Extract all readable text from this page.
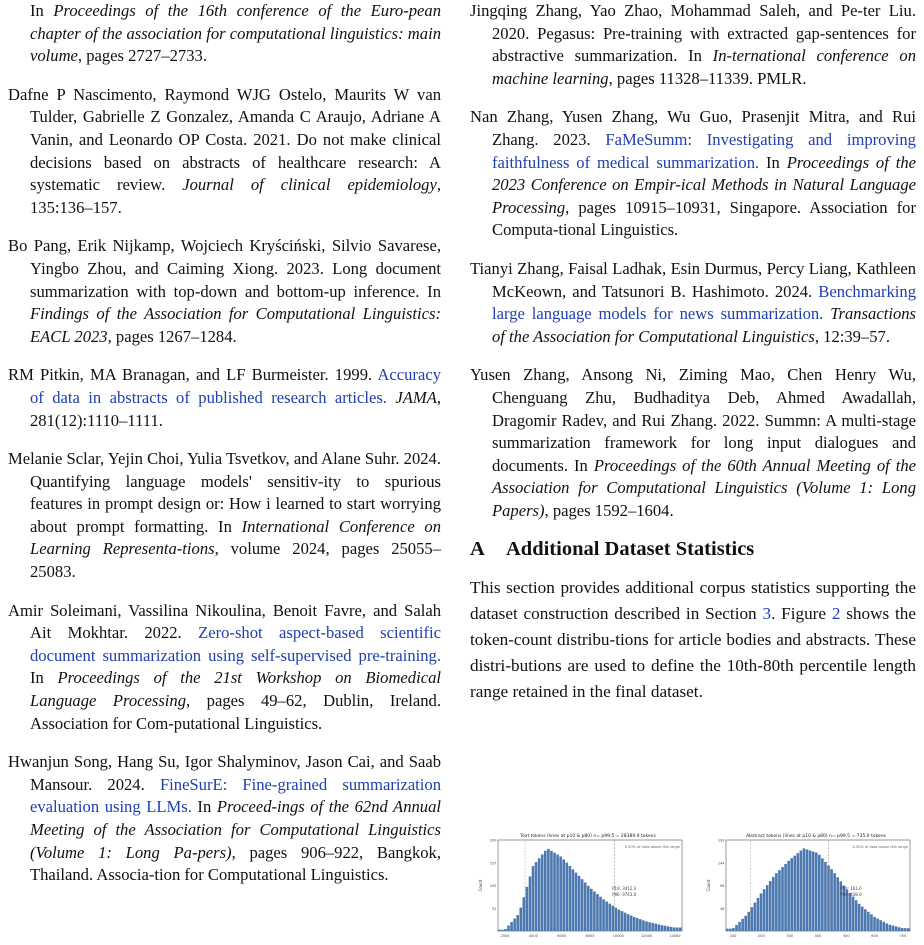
In Proceedings of the 16th conference of the Euro-pean chapter of the association for computational linguistics: main volume, pages 2727–2733.

Dafne P Nascimento, Raymond WJG Ostelo, Maurits W van Tulder, Gabrielle Z Gonzalez, Amanda C Araujo, Adriane A Vanin, and Leonardo OP Costa. 2021. Do not make clinical decisions based on abstracts of healthcare research: A systematic review. Journal of clinical epidemiology, 135:136–157.

Bo Pang, Erik Nijkamp, Wojciech Kryściński, Silvio Savarese, Yingbo Zhou, and Caiming Xiong. 2023. Long document summarization with top-down and bottom-up inference. In Findings of the Association for Computational Linguistics: EACL 2023, pages 1267–1284.

RM Pitkin, MA Branagan, and LF Burmeister. 1999. Accuracy of data in abstracts of published research articles. JAMA, 281(12):1110–1111.

Melanie Sclar, Yejin Choi, Yulia Tsvetkov, and Alane Suhr. 2024. Quantifying language models' sensitiv-ity to spurious features in prompt design or: How i learned to start worrying about prompt formatting. In International Conference on Learning Representa-tions, volume 2024, pages 25055–25083.

Amir Soleimani, Vassilina Nikoulina, Benoit Favre, and Salah Ait Mokhtar. 2022. Zero-shot aspect-based scientific document summarization using self-supervised pre-training. In Proceedings of the 21st Workshop on Biomedical Language Processing, pages 49–62, Dublin, Ireland. Association for Com-putational Linguistics.

Hwanjun Song, Hang Su, Igor Shalyminov, Jason Cai, and Saab Mansour. 2024. FineSurE: Fine-grained summarization evaluation using LLMs. In Proceed-ings of the 62nd Annual Meeting of the Association for Computational Linguistics (Volume 1: Long Pa-pers), pages 906–922, Bangkok, Thailand. Associa-tion for Computational Linguistics.

Jingqing Zhang, Yao Zhao, Mohammad Saleh, and Pe-ter Liu. 2020. Pegasus: Pre-training with extracted gap-sentences for abstractive summarization. In In-ternational conference on machine learning, pages 11328–11339. PMLR.

Nan Zhang, Yusen Zhang, Wu Guo, Prasenjit Mitra, and Rui Zhang. 2023. FaMeSumm: Investigating and improving faithfulness of medical summarization. In Proceedings of the 2023 Conference on Empir-ical Methods in Natural Language Processing, pages 10915–10931, Singapore. Association for Computa-tional Linguistics.

Tianyi Zhang, Faisal Ladhak, Esin Durmus, Percy Liang, Kathleen McKeown, and Tatsunori B. Hashimoto. 2024. Benchmarking large language models for news summarization. Transactions of the Association for Computational Linguistics, 12:39–57.

Yusen Zhang, Ansong Ni, Ziming Mao, Chen Henry Wu, Chenguang Zhu, Budhaditya Deb, Ahmed Awadallah, Dragomir Radev, and Rui Zhang. 2022. Summn: A multi-stage summarization framework for long input dialogues and documents. In Proceedings of the 60th Annual Meeting of the Association for Computational Linguistics (Volume 1: Long Papers), pages 1592–1604.

A Additional Dataset Statistics

This section provides additional corpus statistics supporting the dataset construction described in Section 3. Figure 2 shows the token-count distribu-tions for article bodies and abstracts. These distri-butions are used to define the 10th-80th percentile length range retained in the final dataset.

Text tokens (lines at p10 & p80) n= p99.5 = 28389.9 tokens
P10: 3412.3
P80: 9743.0
0.50% of data above this range
Count
52
105
157
209
2000	4000	6000	8000	10000	12000	14000
Abstract tokens (lines at p10 & p80) n= p99.5 = 735.0 tokens
P10: 161.0
P80: 438.0
0.50% of data above this range
Count
48
96
144
193
100	200	300	400	500	600	700
